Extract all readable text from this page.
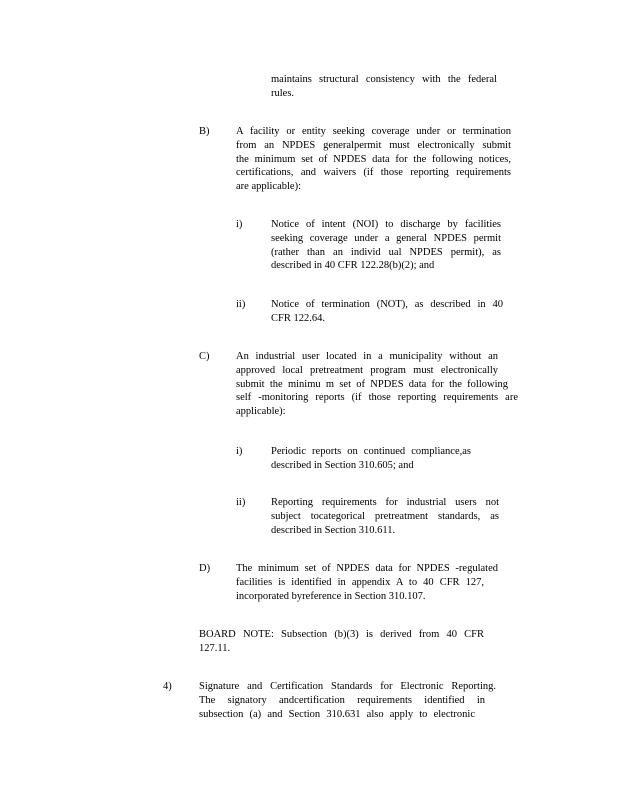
maintains structural consistency with the federal
rules.
B)	A facility or entity seeking coverage under or termination
from an NPDES generalpermit must electronically submit
the minimum set of NPDES data for the following notices,
certifications, and waivers (if those reporting requirements
are applicable):
i)	Notice of intent (NOI) to discharge by facilities
seeking coverage under a general NPDES permit
(rather than an individ ual NPDES permit), as
described in 40 CFR 122.28(b)(2); and
ii) Notice of termination (NOT), as described in 40
CFR 122.64.
C)	An industrial user located in a municipality without an
approved local pretreatment program must electronically
submit the minimu m set of NPDES data for the following
self -monitoring reports (if those reporting requirements are
applicable):
i)	Periodic reports on continued compliance,as
described in Section 310.605; and
ii) Reporting requirements for industrial users not
subject tocategorical pretreatment standards, as
described in Section 310.611.
D) The minimum set of NPDES data for NPDES -regulated
facilities is identified in appendix A to 40 CFR 127,
incorporated byreference in Section 310.107.
BOARD NOTE: Subsection (b)(3) is derived from 40 CFR
127.11.
4)	Signature and Certification Standards for Electronic Reporting.
The signatory andcertification requirements identified in
subsection (a) and Section 310.631 also apply to electronic
